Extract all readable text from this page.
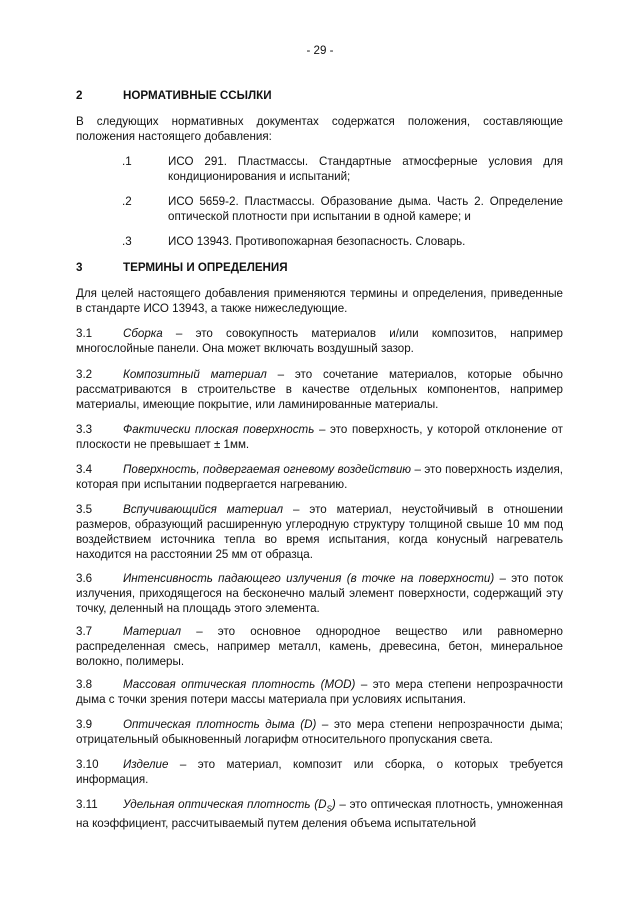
- 29 -
2	НОРМАТИВНЫЕ ССЫЛКИ
В следующих нормативных документах содержатся положения, составляющие положения настоящего добавления:
.1	ИСО 291. Пластмассы. Стандартные атмосферные условия для кондиционирования и испытаний;
.2	ИСО 5659-2. Пластмассы. Образование дыма. Часть 2. Определение оптической плотности при испытании в одной камере; и
.3	ИСО 13943. Противопожарная безопасность. Словарь.
3	ТЕРМИНЫ И ОПРЕДЕЛЕНИЯ
Для целей настоящего добавления применяются термины и определения, приведенные в стандарте ИСО 13943, а также нижеследующие.
3.1	Сборка – это совокупность материалов и/или композитов, например многослойные панели. Она может включать воздушный зазор.
3.2	Композитный материал – это сочетание материалов, которые обычно рассматриваются в строительстве в качестве отдельных компонентов, например материалы, имеющие покрытие, или ламинированные материалы.
3.3	Фактически плоская поверхность – это поверхность, у которой отклонение от плоскости не превышает ± 1мм.
3.4	Поверхность, подвергаемая огневому воздействию – это поверхность изделия, которая при испытании подвергается нагреванию.
3.5	Вспучивающийся материал – это материал, неустойчивый в отношении размеров, образующий расширенную углеродную структуру толщиной свыше 10 мм под воздействием источника тепла во время испытания, когда конусный нагреватель находится на расстоянии 25 мм от образца.
3.6	Интенсивность падающего излучения (в точке на поверхности) – это поток излучения, приходящегося на бесконечно малый элемент поверхности, содержащий эту точку, деленный на площадь этого элемента.
3.7	Материал – это основное однородное вещество или равномерно распределенная смесь, например металл, камень, древесина, бетон, минеральное волокно, полимеры.
3.8	Массовая оптическая плотность (MOD) – это мера степени непрозрачности дыма с точки зрения потери массы материала при условиях испытания.
3.9	Оптическая плотность дыма (D) – это мера степени непрозрачности дыма; отрицательный обыкновенный логарифм относительного пропускания света.
3.10 Изделие – это материал, композит или сборка, о которых требуется информация.
3.11 Удельная оптическая плотность $(D_S)$ – это оптическая плотность, умноженная на коэффициент, рассчитываемый путем деления объема испытательной
